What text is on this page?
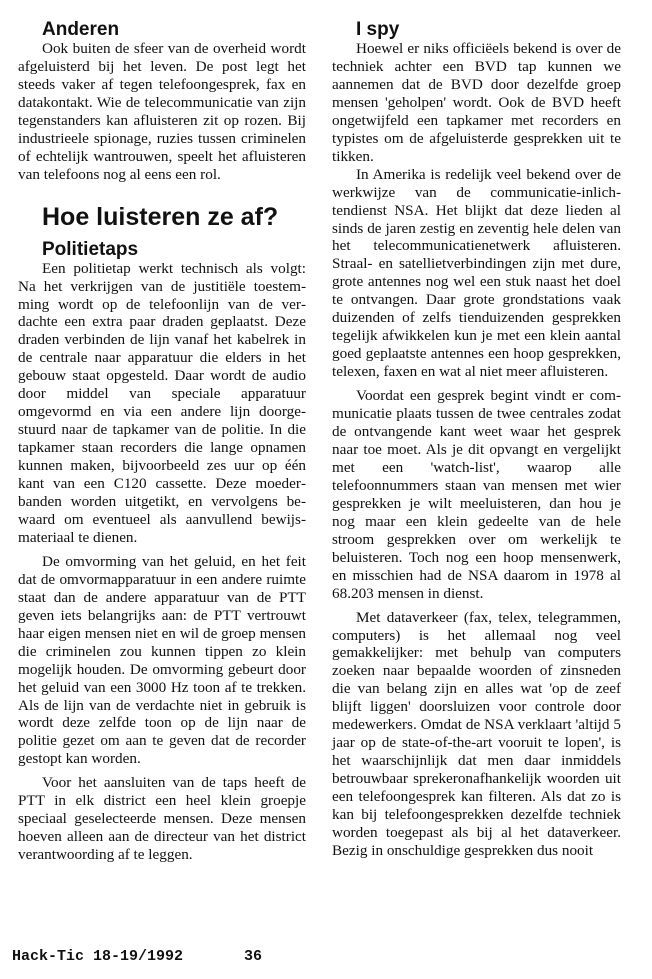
Anderen

Ook buiten de sfeer van de overheid wordt afgeluisterd bij het leven. De post legt het steeds vaker af tegen telefoongesprek, fax en datakontakt. Wie de telecommunicatie van zijn tegenstanders kan afluisteren zit op rozen. Bij industrieele spionage, ruzies tussen criminelen of echtelijk wantrouwen, speelt het afluisteren van telefoons nog al eens een rol.

Hoe luisteren ze af?
Politietaps

Een politietap werkt technisch als volgt: Na het verkrijgen van de justitiële toestemming wordt op de telefoonlijn van de verdachte een extra paar draden geplaatst. Deze draden verbinden de lijn vanaf het kabelrek in de centrale naar apparatuur die elders in het gebouw staat opgesteld. Daar wordt de audio door middel van speciale apparatuur omgevormd en via een andere lijn doorgestuurd naar de tapkamer van de politie. In die tapkamer staan recorders die lange opnamen kunnen maken, bijvoorbeeld zes uur op één kant van een C120 cassette. Deze moederbanden worden uitgetikt, en vervolgens bewaard om eventueel als aanvullend bewijsmateriaal te dienen.

De omvorming van het geluid, en het feit dat de omvormapparatuur in een andere ruimte staat dan de andere apparatuur van de PTT geven iets belangrijks aan: de PTT vertrouwt haar eigen mensen niet en wil de groep mensen die criminelen zou kunnen tippen zo klein mogelijk houden. De omvorming gebeurt door het geluid van een 3000 Hz toon af te trekken. Als de lijn van de verdachte niet in gebruik is wordt deze zelfde toon op de lijn naar de politie gezet om aan te geven dat de recorder gestopt kan worden.

Voor het aansluiten van de taps heeft de PTT in elk district een heel klein groepje speciaal geselecteerde mensen. Deze mensen hoeven alleen aan de directeur van het district verantwoording af te leggen.

I spy

Hoewel er niks officiëels bekend is over de techniek achter een BVD tap kunnen we aannemen dat de BVD door dezelfde groep mensen 'geholpen' wordt. Ook de BVD heeft ongetwijfeld een tapkamer met recorders en typistes om de afgeluisterde gesprekken uit te tikken.

In Amerika is redelijk veel bekend over de werkwijze van de communicatie-inlichtendienst NSA. Het blijkt dat deze lieden al sinds de jaren zestig en zeventig hele delen van het telecommunicatienetwerk afluisteren. Straal- en satellietverbindingen zijn met dure, grote antennes nog wel een stuk naast het doel te ontvangen. Daar grote grondstations vaak duizenden of zelfs tienduizenden gesprekken tegelijk afwikkelen kun je met een klein aantal goed geplaatste antennes een hoop gesprekken, telexen, faxen en wat al niet meer afluisteren.

Voordat een gesprek begint vindt er communicatie plaats tussen de twee centrales zodat de ontvangende kant weet waar het gesprek naar toe moet. Als je dit opvangt en vergelijkt met een 'watch-list', waarop alle telefoonnummers staan van mensen met wier gesprekken je wilt meeluisteren, dan hou je nog maar een klein gedeelte van de hele stroom gesprekken over om werkelijk te beluisteren. Toch nog een hoop mensenwerk, en misschien had de NSA daarom in 1978 al 68.203 mensen in dienst.

Met dataverkeer (fax, telex, telegrammen, computers) is het allemaal nog veel gemakkelijker: met behulp van computers zoeken naar bepaalde woorden of zinsneden die van belang zijn en alles wat 'op de zeef blijft liggen' doorsluizen voor controle door medewerkers. Omdat de NSA verklaart 'altijd 5 jaar op de state-of-the-art vooruit te lopen', is het waarschijnlijk dat men daar inmiddels betrouwbaar sprekeronafhankelijk woorden uit een telefoongesprek kan filteren. Als dat zo is kan bij telefoongesprekken dezelfde techniek worden toegepast als bij al het dataverkeer. Bezig in onschuldige gesprekken dus nooit

Hack-Tic 18-19/1992	36
